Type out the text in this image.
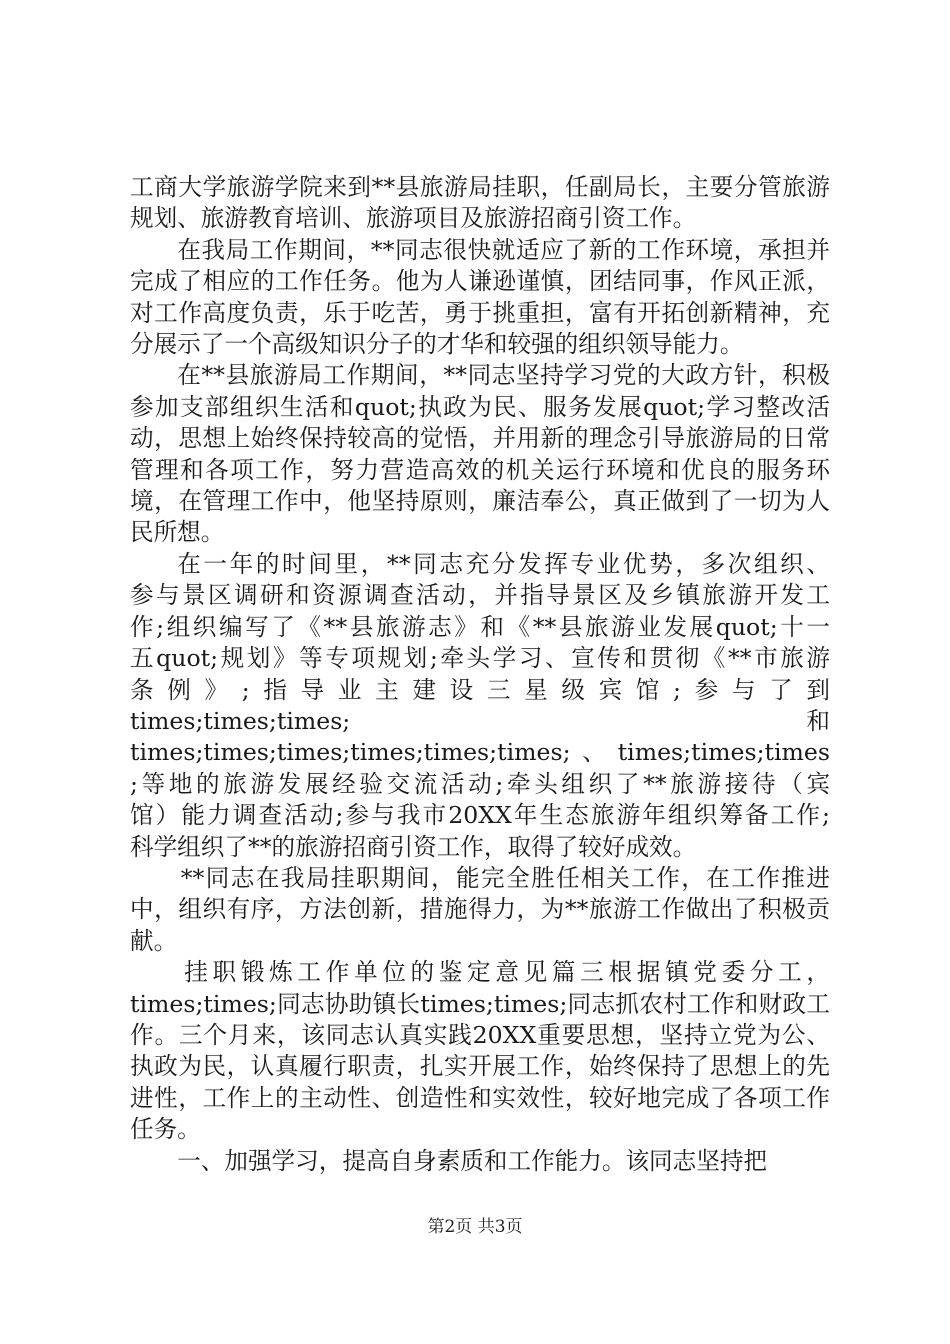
工商大学旅游学院来到**县旅游局挂职，任副局长，主要分管旅游规划、旅游教育培训、旅游项目及旅游招商引资工作。

在我局工作期间，**同志很快就适应了新的工作环境，承担并完成了相应的工作任务。他为人谦逊谨慎，团结同事，作风正派，对工作高度负责，乐于吃苦，勇于挑重担，富有开拓创新精神，充分展示了一个高级知识分子的才华和较强的组织领导能力。

在**县旅游局工作期间，**同志坚持学习党的大政方针，积极参加支部组织生活和quot;执政为民、服务发展quot;学习整改活动，思想上始终保持较高的觉悟，并用新的理念引导旅游局的日常管理和各项工作，努力营造高效的机关运行环境和优良的服务环境，在管理工作中，他坚持原则，廉洁奉公，真正做到了一切为人民所想。

在一年的时间里，**同志充分发挥专业优势，多次组织、
参与景区调研和资源调查活动，并指导景区及乡镇旅游开发工
作;组织编写了《**县旅游志》和《**县旅游业发展quot;十一
五quot;规划》等专项规划;牵头学习、宣传和贯彻《**市旅游
条例》;指导业主建设三星级宾馆;参与了到
times;times;times;	和
times;times;times;times;times;times;、times;times;times
;等地的旅游发展经验交流活动;牵头组织了**旅游接待（宾
馆）能力调查活动;参与我市20XX年生态旅游年组织筹备工作;

科学组织了**的旅游招商引资工作，取得了较好成效。

**同志在我局挂职期间，能完全胜任相关工作，在工作推进中，组织有序，方法创新，措施得力，为**旅游工作做出了积极贡献。

挂职锻炼工作单位的鉴定意见篇三根据镇党委分工，times;times;同志协助镇长times;times;同志抓农村工作和财政工作。三个月来，该同志认真实践20XX重要思想，坚持立党为公、执政为民，认真履行职责，扎实开展工作，始终保持了思想上的先进性，工作上的主动性、创造性和实效性，较好地完成了各项工作任务。

一、加强学习，提高自身素质和工作能力。该同志坚持把

第2页 共3页
